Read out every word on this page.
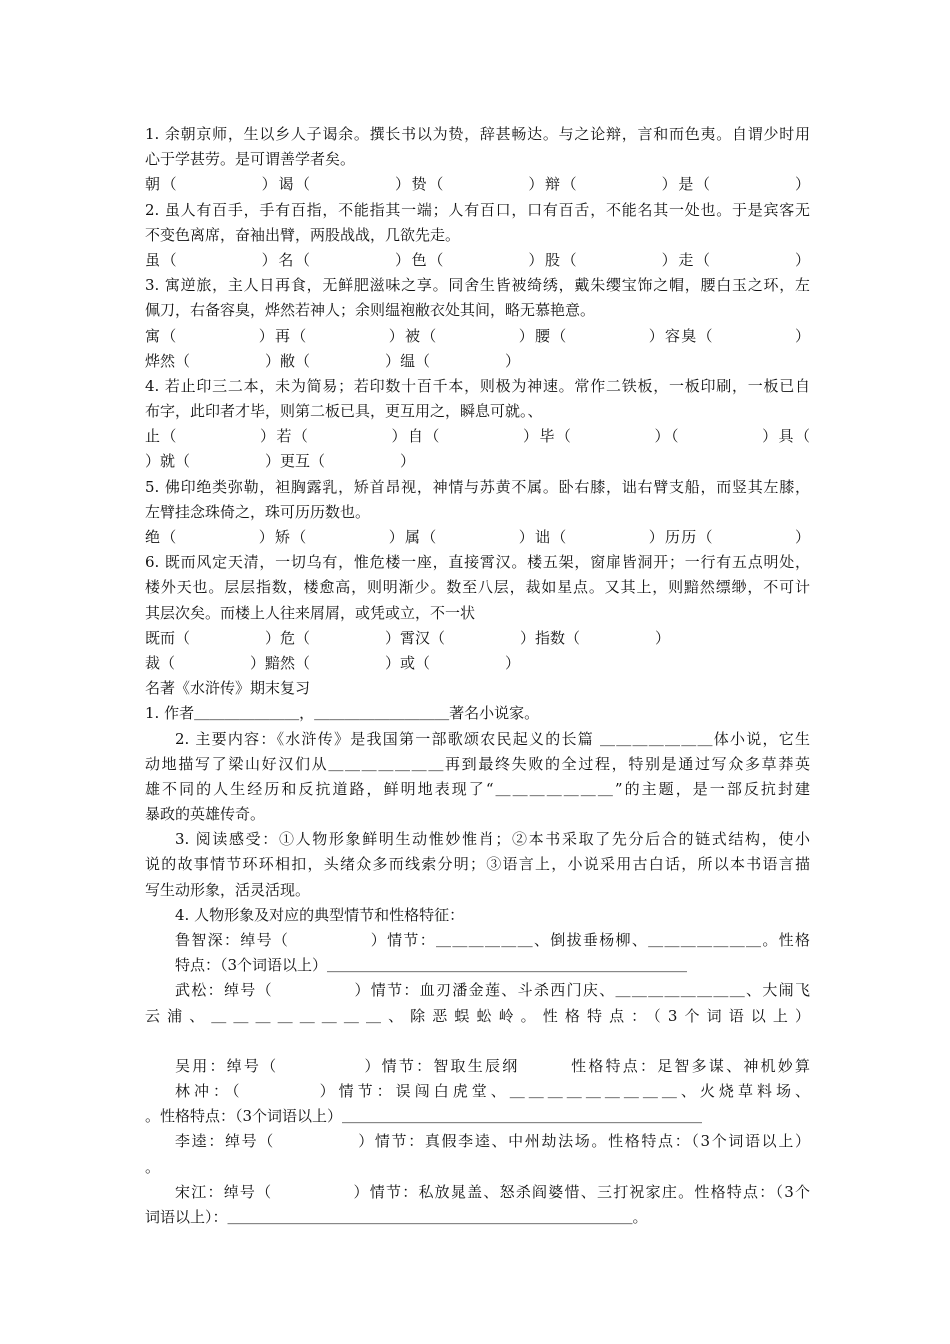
1. 余朝京师，生以乡人子谒余。撰长书以为贽，辞甚畅达。与之论辩，言和而色夷。自谓少时用
心于学甚劳。是可谓善学者矣。
朝（　　　　　）谒（　　　　　）贽（　　　　　）辩（　　　　　）是（　　　　　）
2. 虽人有百手，手有百指，不能指其一端；人有百口，口有百舌，不能名其一处也。于是宾客无
不变色离席，奋袖出臂，两股战战，几欲先走。
虽（　　　　　）名（　　　　　）色（　　　　　）股（　　　　　）走（　　　　　）
3. 寓逆旅，主人日再食，无鲜肥滋味之享。同舍生皆被绮绣，戴朱缨宝饰之帽，腰白玉之环，左
佩刀，右备容臭，烨然若神人；余则缊袍敝衣处其间，略无慕艳意。
寓（　　　　　）再（　　　　　）被（　　　　　）腰（　　　　　）容臭（　　　　　）
烨然（　　　　　）敝（　　　　　）缊（　　　　　）
4. 若止印三二本，未为简易；若印数十百千本，则极为神速。常作二铁板，一板印刷，一板已自
布字，此印者才毕，则第二板已具，更互用之，瞬息可就。、
止（　　　　　）若（　　　　　）自（　　　　　）毕（　　　　　）（　　　　　）具（
）就（　　　　　）更互（　　　　　）
5. 佛印绝类弥勒，袒胸露乳，矫首昂视，神情与苏黄不属。卧右膝，诎右臂支船，而竖其左膝，
左臂挂念珠倚之，珠可历历数也。
绝（　　　　　）矫（　　　　　）属（　　　　　）诎（　　　　　）历历（　　　　　）
6. 既而风定天清，一切乌有，惟危楼一座，直接霄汉。楼五架，窗扉皆洞开；一行有五点明处，
楼外天也。层层指数，楼愈高，则明渐少。数至八层，裁如星点。又其上，则黯然缥缈，不可计
其层次矣。而楼上人往来屑屑，或凭或立，不一状
既而（　　　　　）危（　　　　　）霄汉（　　　　　）指数（　　　　　）
裁（　　　　　）黯然（　　　　　）或（　　　　　）
名著《水浒传》期末复习
1. 作者＿＿＿＿＿＿＿，＿＿＿＿＿＿＿＿＿著名小说家。
2. 主要内容：《水浒传》是我国第一部歌颂农民起义的长篇 ＿＿＿＿＿＿＿体小说，它生
动地描写了梁山好汉们从＿＿＿＿＿＿＿再到最终失败的全过程，特别是通过写众多草莽英
雄不同的人生经历和反抗道路，鲜明地表现了“＿＿＿＿＿＿＿”的主题，是一部反抗封建
暴政的英雄传奇。
3. 阅读感受：①人物形象鲜明生动惟妙惟肖；②本书采取了先分后合的链式结构，使小
说的故事情节环环相扣，头绪众多而线索分明；③语言上，小说采用古白话，所以本书语言描
写生动形象，活灵活现。
4. 人物形象及对应的典型情节和性格特征：
鲁智深：绰号（　　　　　）情节：＿＿＿＿＿＿、倒拔垂杨柳、＿＿＿＿＿＿＿。性格
特点：（3个词语以上）＿＿＿＿＿＿＿＿＿＿＿＿＿＿＿＿＿＿＿＿＿＿＿＿
武松：绰号（　　　　　）情节：血刃潘金莲、斗杀西门庆、＿＿＿＿＿＿＿＿、大闹飞
云浦、＿＿＿＿＿＿＿＿、除恶蜈蚣岭。性格特点：（3个词语以上）
吴用：绰号（　　　　　）情节：智取生辰纲　　　性格特点：足智多谋、神机妙算
林冲：（　　　　）情节：误闯白虎堂、＿＿＿＿＿＿＿＿＿、火烧草料场、
。性格特点：（3个词语以上）＿＿＿＿＿＿＿＿＿＿＿＿＿＿＿＿＿＿＿＿＿＿＿＿
李逵：绰号（　　　　　）情节：真假李逵、中州劫法场。性格特点：（3个词语以上）
。
宋江：绰号（　　　　　）情节：私放晁盖、怒杀阎婆惜、三打祝家庄。性格特点：（3个
词语以上）：＿＿＿＿＿＿＿＿＿＿＿＿＿＿＿＿＿＿＿＿＿＿＿＿＿＿＿。
